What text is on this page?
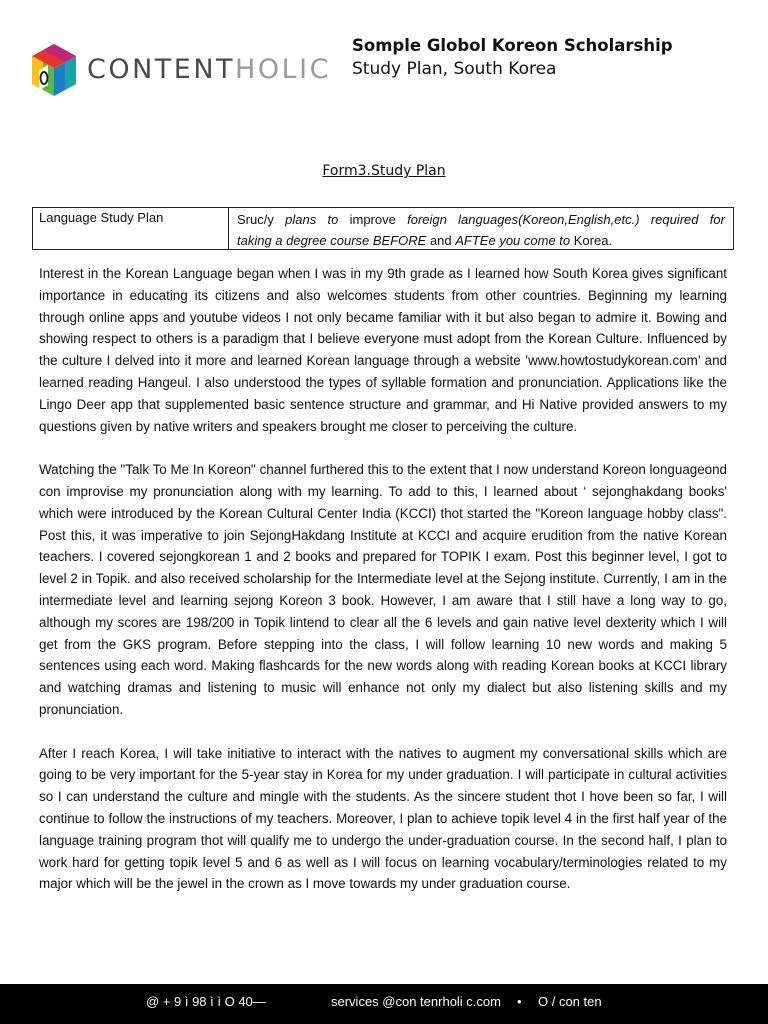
CONTENTHOLIC
Somple Globol Koreon Scholarship
Study Plan, South Korea
Form3.Study Plan
Language Study Plan	Sruc/y plans to improve foreign languages(Koreon,English,etc.) required for
taking a degree course BEFORE and AFTEe you come to Korea.

Interest in the Korean Language began when I was in my 9th grade as I learned how South Korea gives significant importance in educating its citizens and also welcomes students from other countries. Beginning my learning through online apps and youtube videos I not only became familiar with it but also began to admire it. Bowing and showing respect to others is a paradigm that I believe everyone must adopt from the Korean Culture. Influenced by the culture I delved into it more and learned Korean language through a website ’www.howtostudykorean.com’ and learned reading Hangeul. I also understood the types of syllable formation and pronunciation. Applications like the Lingo Deer app that supplemented basic sentence structure and grammar, and Hi Native provided answers to my questions given by native writers and speakers brought me closer to perceiving the culture.

Watching the "Talk To Me In Koreon" channel furthered this to the extent that I now understand Koreon longuageond con improvise my pronunciation along with my learning. To add to this, I learned about ‘ sejonghakdang books' which were introduced by the Korean Cultural Center India (KCCI) thot started the "Koreon language hobby class". Post this, it was imperative to join SejongHakdang Institute at KCCI and acquire erudition from the native Korean teachers. I covered sejongkorean 1 and 2 books and prepared for TOPIK I exam. Post this beginner level, I got to level 2 in Topik. and also received scholarship for the Intermediate level at the Sejong institute. Currently, I am in the intermediate level and learning sejong Koreon 3 book. However, I am aware that I still have a long way to go, although my scores are 198/200 in Topik lintend to clear all the 6 levels and gain native level dexterity which I will get from the GKS program. Before stepping into the class, I will follow learning 10 new words and making 5 sentences using each word. Making flashcards for the new words along with reading Korean books at KCCI library and watching dramas and listening to music will enhance not only my dialect but also listening skills and my pronunciation.

After I reach Korea, I will take initiative to interact with the natives to augment my conversational skills which are going to be very important for the 5-year stay in Korea for my under graduation. I will participate in cultural activities so I can understand the culture and mingle with the students. As the sincere student thot I hove been so far, I will continue to follow the instructions of my teachers. Moreover, I plan to achieve topik level 4 in the first half year of the language training program thot will qualify me to undergo the under-graduation course. In the second half, I plan to work hard for getting topik level 5 and 6 as well as I will focus on learning vocabulary/terminologies related to my major which will be the jewel in the crown as I move towards my under graduation course.

@ + 9 ì 98 ì ì O 40—	services @con tenrholi c.com • O / con ten
